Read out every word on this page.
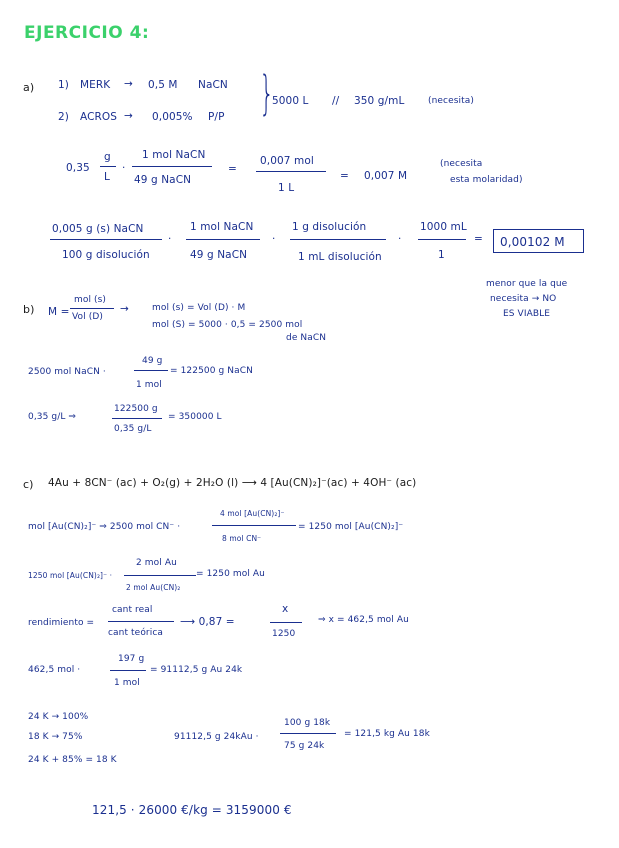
EJERCICIO 4:
a) 1) MERK → 0,5 M NaCN
2) ACROS → 0,005% P/P }
5000 L // 350 g/mL	(necesita)
0,35
g
L
·
1 mol NaCN
49 g NaCN
=
0,007 mol
1 L
= 0,007 M
(necesita
esta molaridad)
0,005 g (s) NaCN
100 g disolución
·
1 mol NaCN
49 g NaCN
·
1 g disolución
1 mL disolución
·
1000 mL
1
= 0,00102 M
menor que la que
necesita → NO
ES VIABLE
b) M =
mol (s)
Vol (D)
→	mol (s) = Vol (D) · M
mol (S) = 5000 · 0,5 = 2500 mol
de NaCN
2500 mol NaCN ·
49 g
1 mol
= 122500 g NaCN
0,35 g/L ⇒
122500 g
0,35 g/L
= 350000 L
c) 4Au + 8CN⁻ (ac) + O₂(g) + 2H₂O (l) ⟶ 4 [Au(CN)₂]⁻(ac) + 4OH⁻ (ac)
mol [Au(CN)₂]⁻ ⇒ 2500 mol CN⁻ ·
4 mol [Au(CN)₂]⁻
8 mol CN⁻
= 1250 mol [Au(CN)₂]⁻
1250 mol [Au(CN)₂]⁻ ·
2 mol Au
2 mol Au(CN)₂
= 1250 mol Au
rendimiento =
cant real
cant teórica
⟶ 0,87 =
x
1250
⇒ x = 462,5 mol Au
462,5 mol ·
197 g
1 mol
= 91112,5 g Au 24k
24 K → 100%
18 K → 75%
24 K + 85% = 18 K
91112,5 g 24kAu ·
100 g 18k
75 g 24k
= 121,5 kg Au 18k
121,5 · 26000 €/kg = 3159000 €
